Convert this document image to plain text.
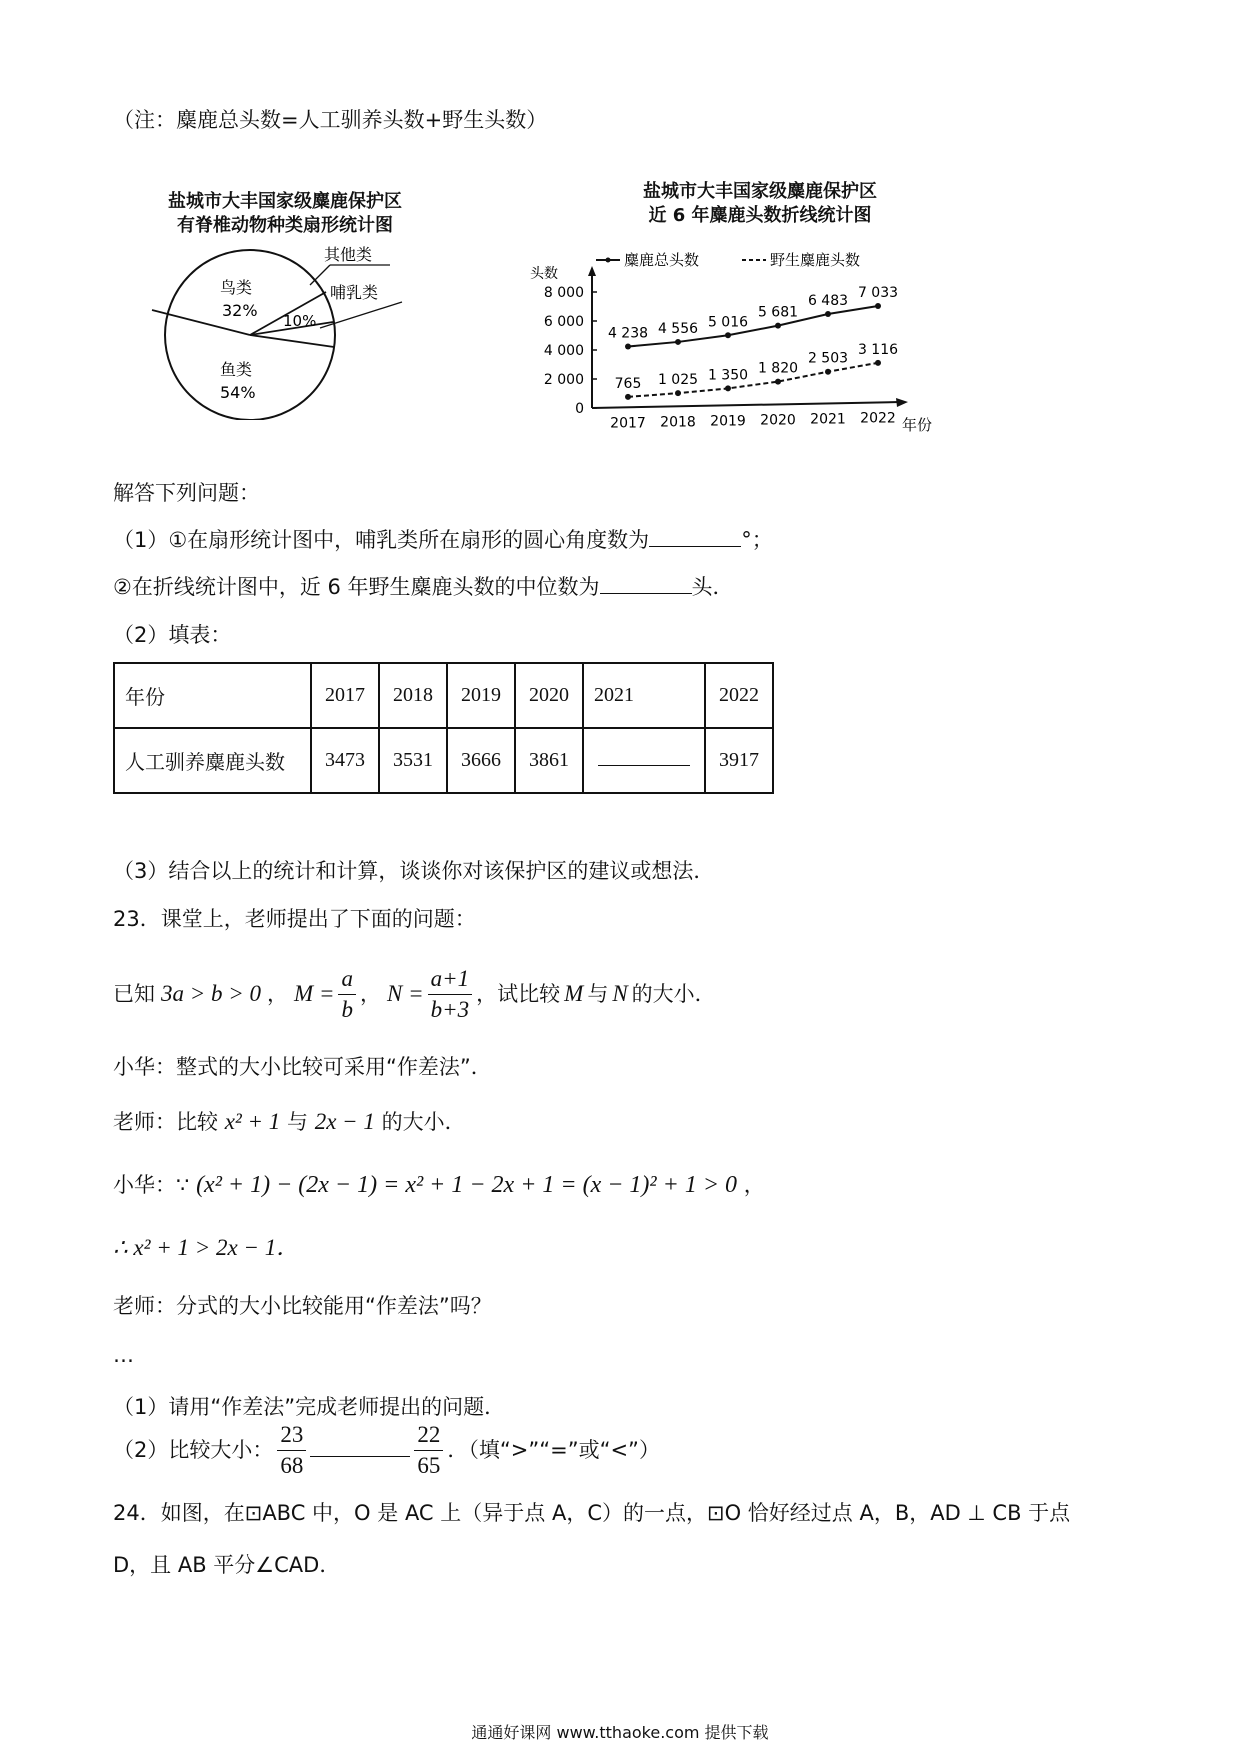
（注：麋鹿总头数=人工驯养头数+野生头数）
盐城市大丰国家级麋鹿保护区
有脊椎动物种类扇形统计图
鸟类
32%
鱼类
54%
10%
其他类
哺乳类
盐城市大丰国家级麋鹿保护区
近 6 年麋鹿头数折线统计图
麋鹿总头数	野生麋鹿头数
头数
年份
8 000
6 000
4 000
2 000
0
2017 2018 2019 2020 2021 2022
4 238 4 556 5 016
5 681
6 483 7 033
765 1 025 1 350 1 820
2 503
3 116
解答下列问题：
（1）①在扇形统计图中，哺乳类所在扇形的圆心角度数为	°；
②在折线统计图中，近 6 年野生麋鹿头数的中位数为	头．
（2）填表：
年份	2017	2018	2019	2020	2021	2022
人工驯养麋鹿头数	3473	3531	3666	3861		3917
（3）结合以上的统计和计算，谈谈你对该保护区的建议或想法．
23．课堂上，老师提出了下面的问题：
已知 3a > b > 0 ， $M = \frac{a}{b}$ ， $N = \frac{a+1}{b+3}$ ，试比较 M 与 N 的大小．
小华：整式的大小比较可采用“作差法”．
老师：比较 x² + 1 与 2x − 1 的大小．
小华：∵ (x² + 1) − (2x − 1) = x² + 1 − 2x + 1 = (x − 1)² + 1 > 0 ，
∴ x² + 1 > 2x − 1．
老师：分式的大小比较能用“作差法”吗？
…
（1）请用“作差法”完成老师提出的问题．
（2）比较大小： $\frac{23}{68}$	$\frac{22}{65}$ ．（填“>”“=”或“<”）
24．如图，在⊡ABC 中，O 是 AC 上（异于点 A，C）的一点，⊡O 恰好经过点 A，B，AD ⊥ CB 于点
D，且 AB 平分∠CAD．
通通好课网 www.tthaoke.com 提供下载
